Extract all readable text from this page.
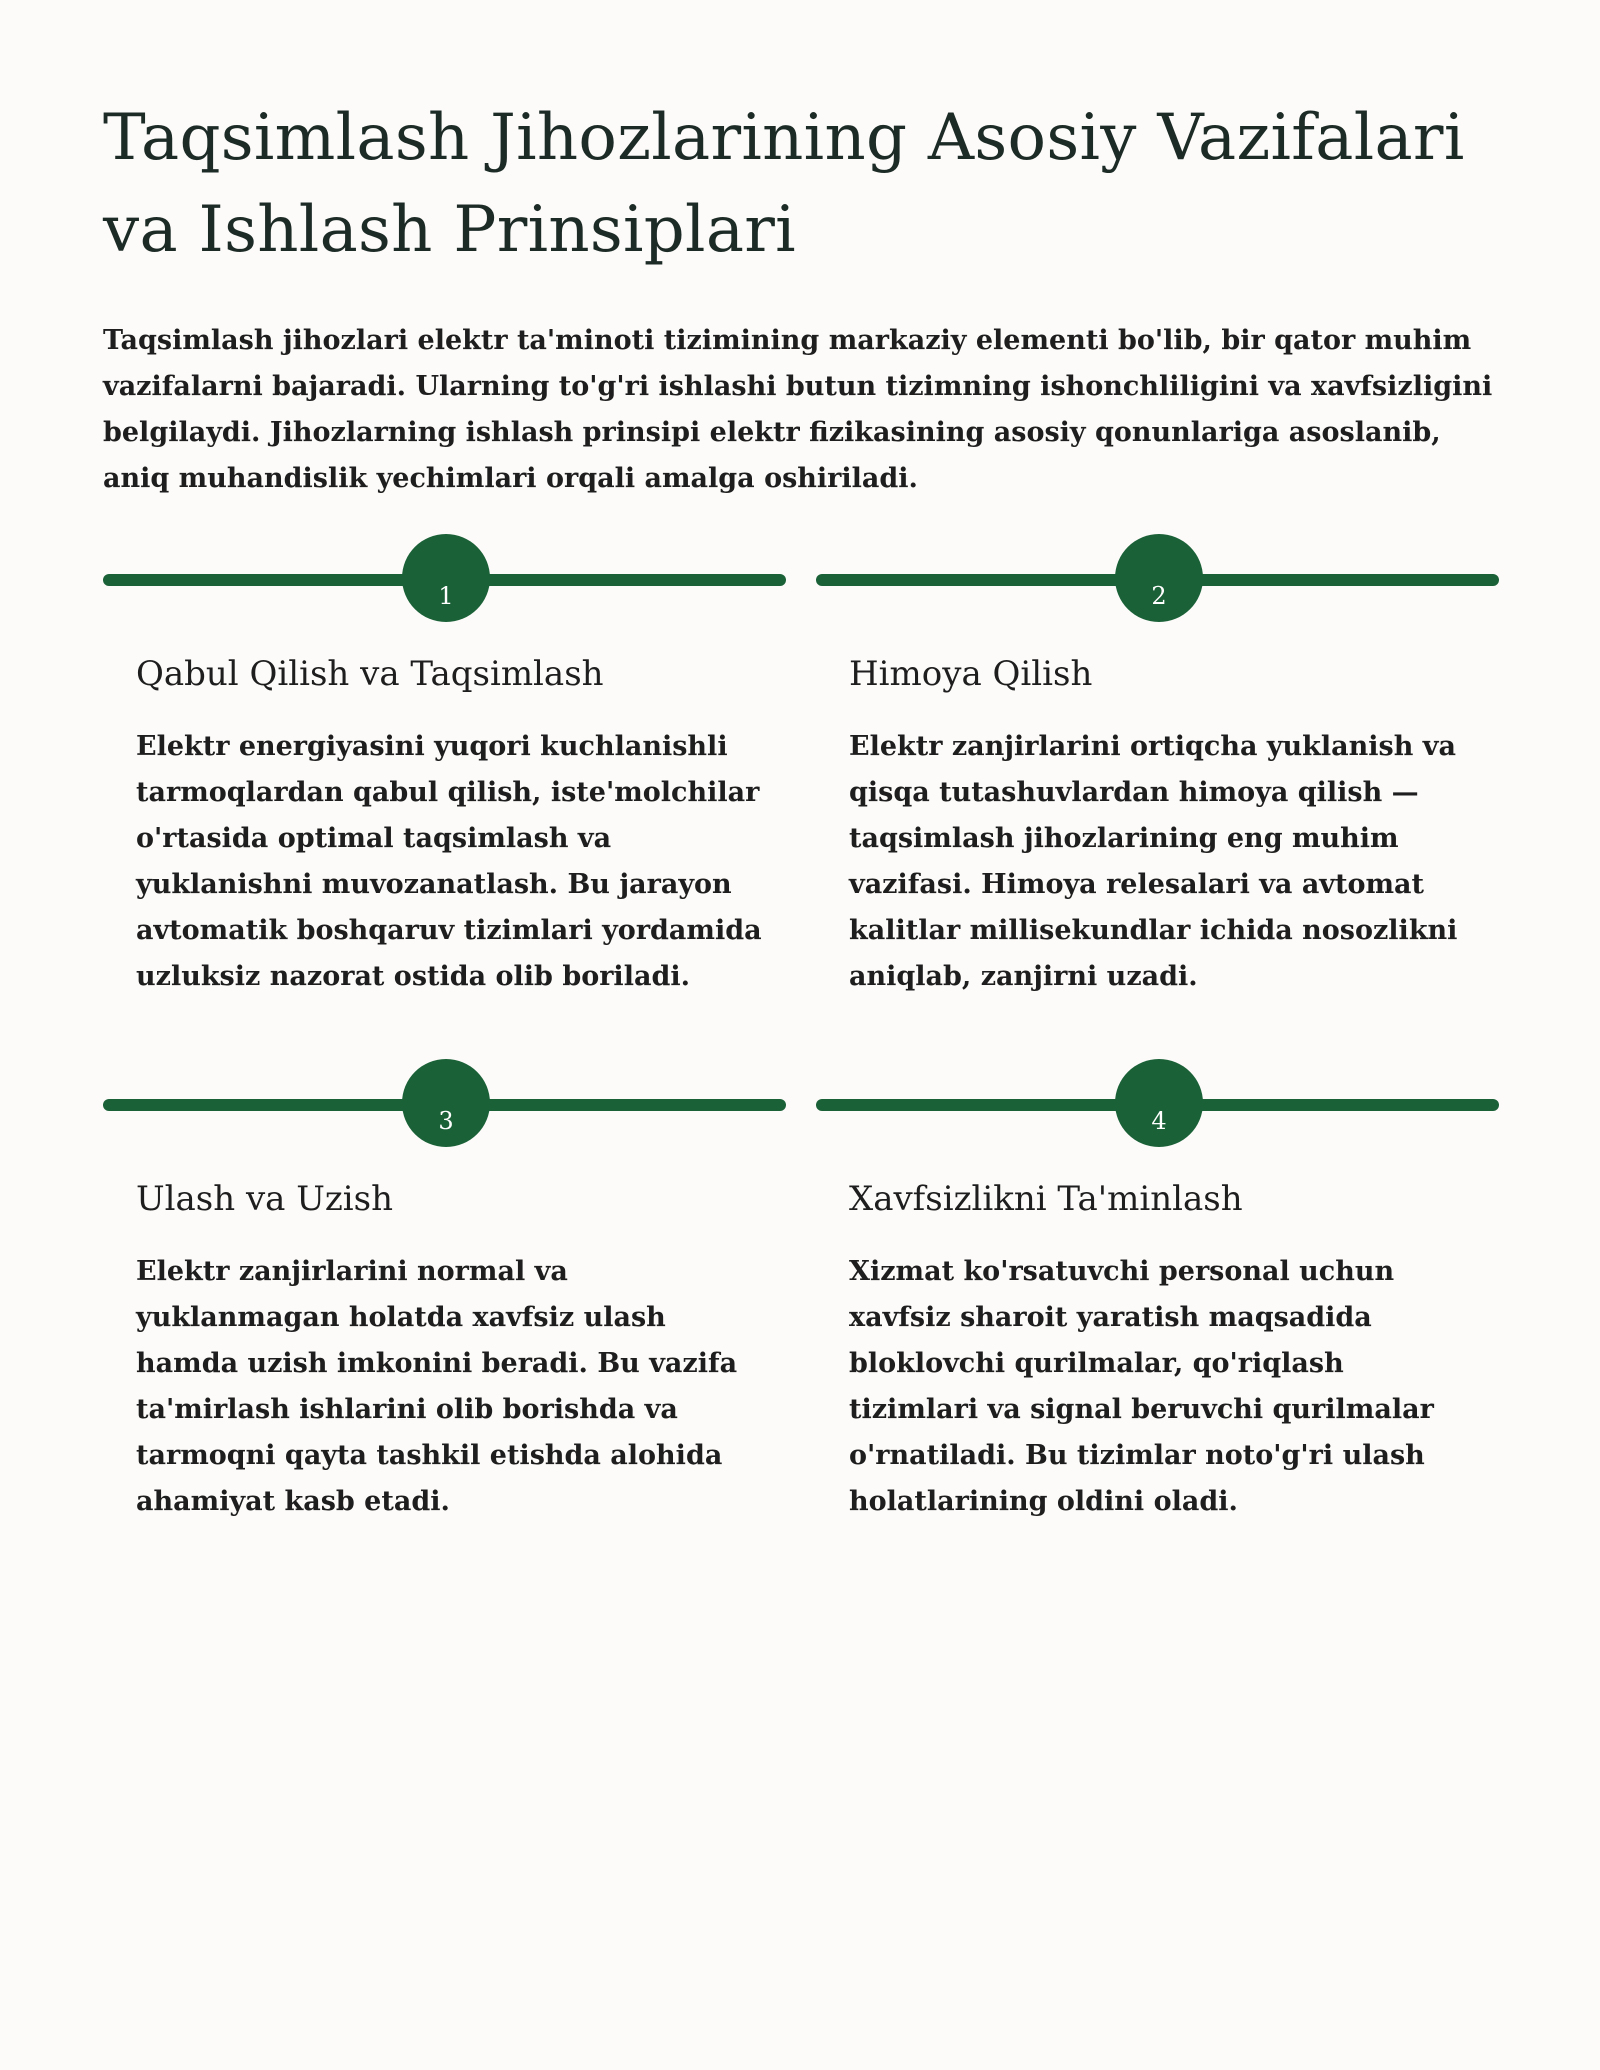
Taqsimlash Jihozlarining Asosiy Vazifalari va Ishlash Prinsiplari

Taqsimlash jihozlari elektr ta'minoti tizimining markaziy elementi bo'lib, bir qator muhim vazifalarni bajaradi. Ularning to'g'ri ishlashi butun tizimning ishonchliligini va xavfsizligini belgilaydi. Jihozlarning ishlash prinsipi elektr fizikasining asosiy qonunlariga asoslanib, aniq muhandislik yechimlari orqali amalga oshiriladi.

1
Qabul Qilish va Taqsimlash

Elektr energiyasini yuqori kuchlanishli tarmoqlardan qabul qilish, iste'molchilar o'rtasida optimal taqsimlash va yuklanishni muvozanatlash. Bu jarayon avtomatik boshqaruv tizimlari yordamida uzluksiz nazorat ostida olib boriladi.

2
Himoya Qilish

Elektr zanjirlarini ortiqcha yuklanish va qisqa tutashuvlardan himoya qilish — taqsimlash jihozlarining eng muhim vazifasi. Himoya relesalari va avtomat kalitlar millisekundlar ichida nosozlikni aniqlab, zanjirni uzadi.

3
Ulash va Uzish

Elektr zanjirlarini normal va yuklanmagan holatda xavfsiz ulash hamda uzish imkonini beradi. Bu vazifa ta'mirlash ishlarini olib borishda va tarmoqni qayta tashkil etishda alohida ahamiyat kasb etadi.

4
Xavfsizlikni Ta'minlash

Xizmat ko'rsatuvchi personal uchun xavfsiz sharoit yaratish maqsadida bloklovchi qurilmalar, qo'riqlash tizimlari va signal beruvchi qurilmalar o'rnatiladi. Bu tizimlar noto'g'ri ulash holatlarining oldini oladi.
